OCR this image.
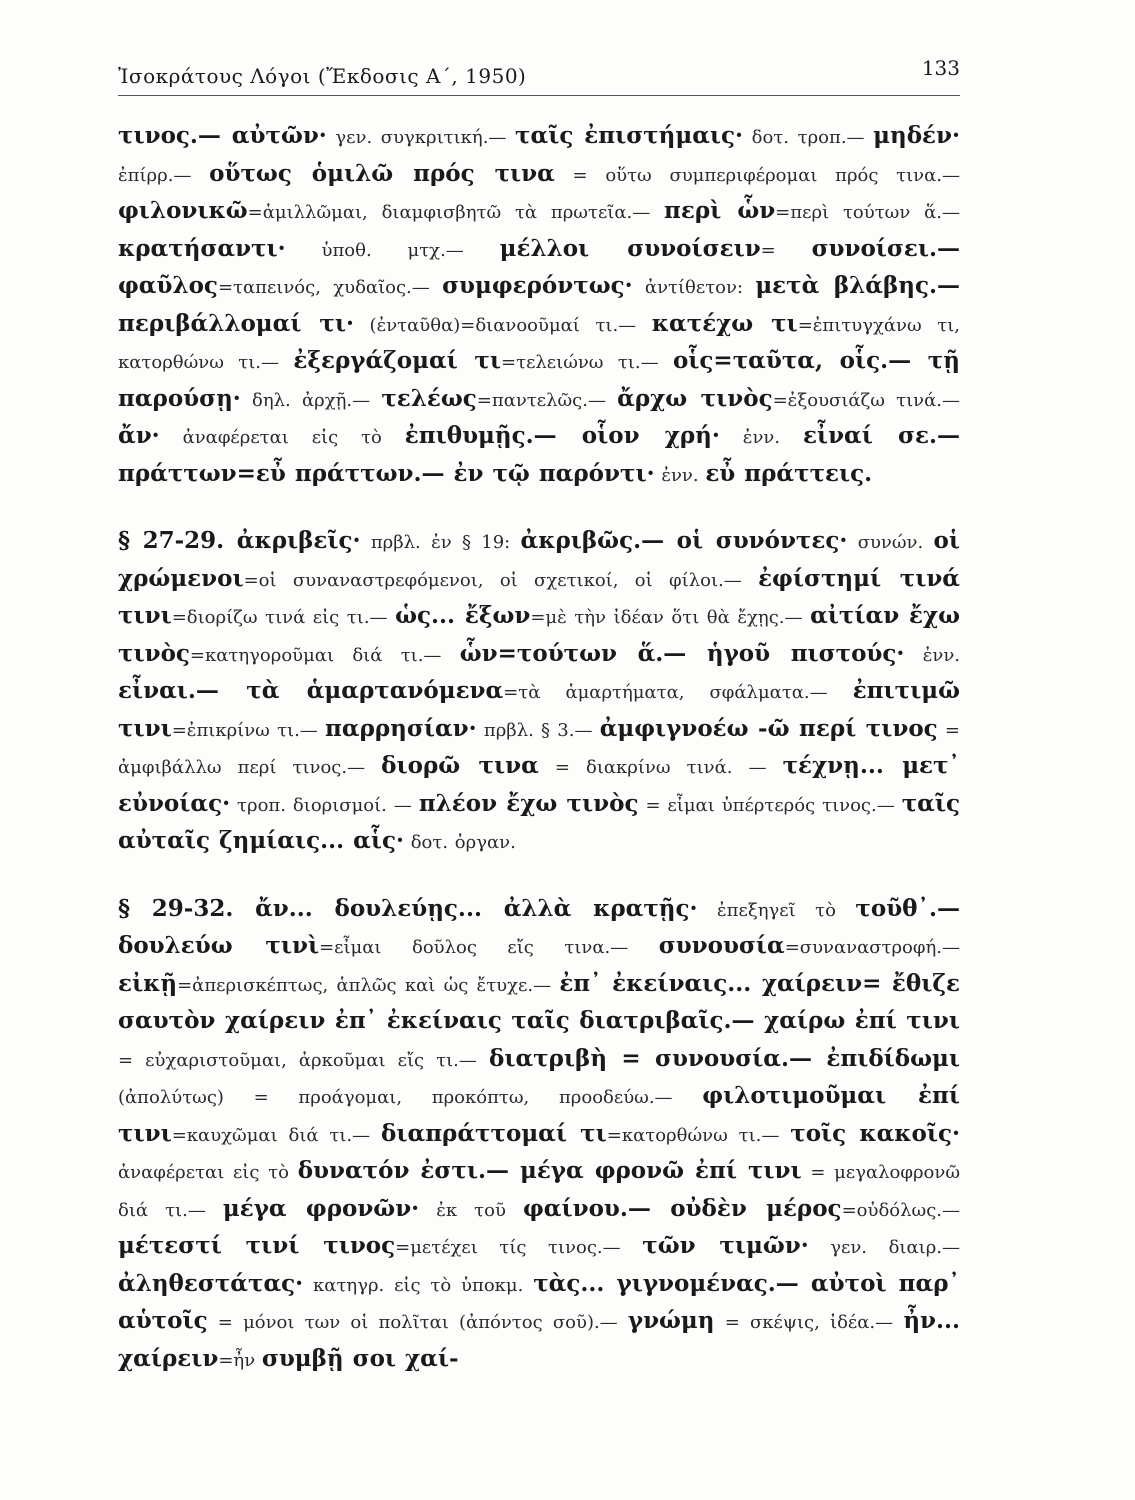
Ἰσοκράτους Λόγοι (Ἔκδοσις Α΄, 1950)	133

τινος.— αὐτῶν· γεν. συγκριτική.— ταῖς ἐπιστήμαις· δοτ. τροπ.— μηδέν· ἐπίρρ.— οὕτως ὁμιλῶ πρός τινα = οὕτω συμπεριφέρομαι πρός τινα.— φιλονικῶ=ἁμιλλῶμαι, διαμφισβητῶ τὰ πρωτεῖα.— περὶ ὧν=περὶ τούτων ἅ.— κρατήσαντι· ὑποθ. μτχ.— μέλλοι συνοίσειν= συνοίσει.— φαῦλος=ταπεινός, χυδαῖος.— συμφερόντως· ἀντίθετον: μετὰ βλάβης.— περιβάλλομαί τι· (ἐνταῦθα)=διανοοῦμαί τι.— κατέχω τι=ἐπιτυγχάνω τι, κατορθώνω τι.— ἐξεργάζομαί τι=τελειώνω τι.— οἷς=ταῦτα, οἷς.— τῇ παρούσῃ· δηλ. ἀρχῇ.— τελέως=παντελῶς.— ἄρχω τινὸς=ἐξουσιάζω τινά.— ἄν· ἀναφέρεται εἰς τὸ ἐπιθυμῇς.— οἷον χρή· ἐνν. εἶναί σε.— πράττων=εὖ πράττων.— ἐν τῷ παρόντι· ἐνν. εὖ πράττεις.

§ 27-29. ἀκριβεῖς· πρβλ. ἐν § 19: ἀκριβῶς.— οἱ συνόντες· συνών. οἱ χρώμενοι=οἱ συναναστρεφόμενοι, οἱ σχετικοί, οἱ φίλοι.— ἐφίστημί τινά τινι=διορίζω τινά εἰς τι.— ὡς... ἔξων=μὲ τὴν ἰδέαν ὅτι θὰ ἔχῃς.— αἰτίαν ἔχω τινὸς=κατηγοροῦμαι διά τι.— ὧν=τούτων ἅ.— ἡγοῦ πιστούς· ἐνν. εἶναι.— τὰ ἁμαρτανόμενα=τὰ ἁμαρτήματα, σφάλματα.— ἐπιτιμῶ τινι=ἐπικρίνω τι.— παρρησίαν· πρβλ. § 3.— ἀμφιγνοέω -ῶ περί τινος = ἀμφιβάλλω περί τινος.— διορῶ τινα = διακρίνω τινά. — τέχνῃ... μετ᾽ εὐνοίας· τροπ. διορισμοί. — πλέον ἔχω τινὸς = εἶμαι ὑπέρτερός τινος.— ταῖς αὐταῖς ζημίαις... αἷς· δοτ. ὀργαν.

§ 29-32. ἄν... δουλεύῃς... ἀλλὰ κρατῇς· ἐπεξηγεῖ τὸ τοῦθ᾽.— δουλεύω τινὶ=εἶμαι δοῦλος εἴς τινα.— συνουσία=συναναστροφή.— εἰκῇ=ἀπερισκέπτως, ἁπλῶς καὶ ὡς ἔτυχε.— ἐπ᾽ ἐκείναις... χαίρειν= ἔθιζε σαυτὸν χαίρειν ἐπ᾽ ἐκείναις ταῖς διατριβαῖς.— χαίρω ἐπί τινι = εὐχαριστοῦμαι, ἀρκοῦμαι εἴς τι.— διατριβὴ = συνουσία.— ἐπιδίδωμι (ἀπολύτως) = προάγομαι, προκόπτω, προοδεύω.— φιλοτιμοῦμαι ἐπί τινι=καυχῶμαι διά τι.— διαπράττομαί τι=κατορθώνω τι.— τοῖς κακοῖς· ἀναφέρεται εἰς τὸ δυνατόν ἐστι.— μέγα φρονῶ ἐπί τινι = μεγαλοφρονῶ διά τι.— μέγα φρονῶν· ἐκ τοῦ φαίνου.— οὐδὲν μέρος=οὐδόλως.— μέτεστί τινί τινος=μετέχει τίς τινος.— τῶν τιμῶν· γεν. διαιρ.— ἀληθεστάτας· κατηγρ. εἰς τὸ ὑποκμ. τὰς... γιγνομένας.— αὐτοὶ παρ᾽ αὑτοῖς = μόνοι των οἱ πολῖται (ἀπόντος σοῦ).— γνώμη = σκέψις, ἰδέα.— ἦν... χαίρειν=ἦν συμβῇ σοι χαί-
